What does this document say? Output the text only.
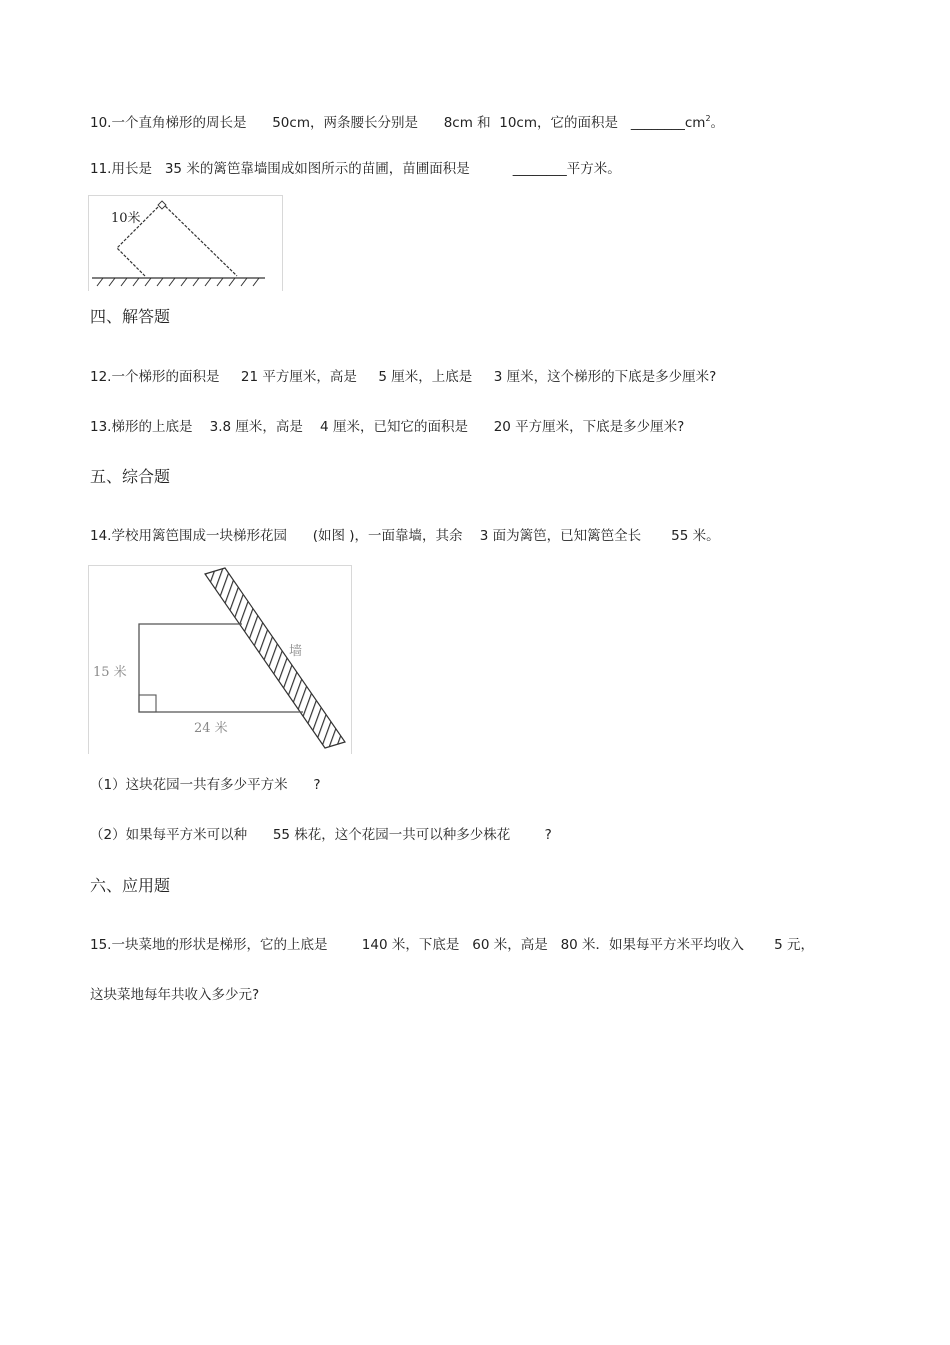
10.一个直角梯形的周长是      50cm，两条腰长分别是      8cm 和  10cm，它的面积是   $\_\_\_\_\_\_\_\_cm^2$。
11.用长是   35 米的篱笆靠墙围成如图所示的苗圃，苗圃面积是          ________平方米。
10米
四、解答题
12.一个梯形的面积是     21 平方厘米，高是     5 厘米，上底是     3 厘米，这个梯形的下底是多少厘米?
13.梯形的上底是    3.8 厘米，高是    4 厘米，已知它的面积是      20 平方厘米，下底是多少厘米?
五、综合题
14.学校用篱笆围成一块梯形花园      (如图 )，一面靠墙，其余    3 面为篱笆，已知篱笆全长       55 米。
15 米
24 米
墙
（1）这块花园一共有多少平方米      ?
（2）如果每平方米可以种      55 株花，这个花园一共可以种多少株花        ?
六、应用题
15.一块菜地的形状是梯形，它的上底是        140 米，下底是   60 米，高是   80 米．如果每平方米平均收入       5 元，
这块菜地每年共收入多少元?
